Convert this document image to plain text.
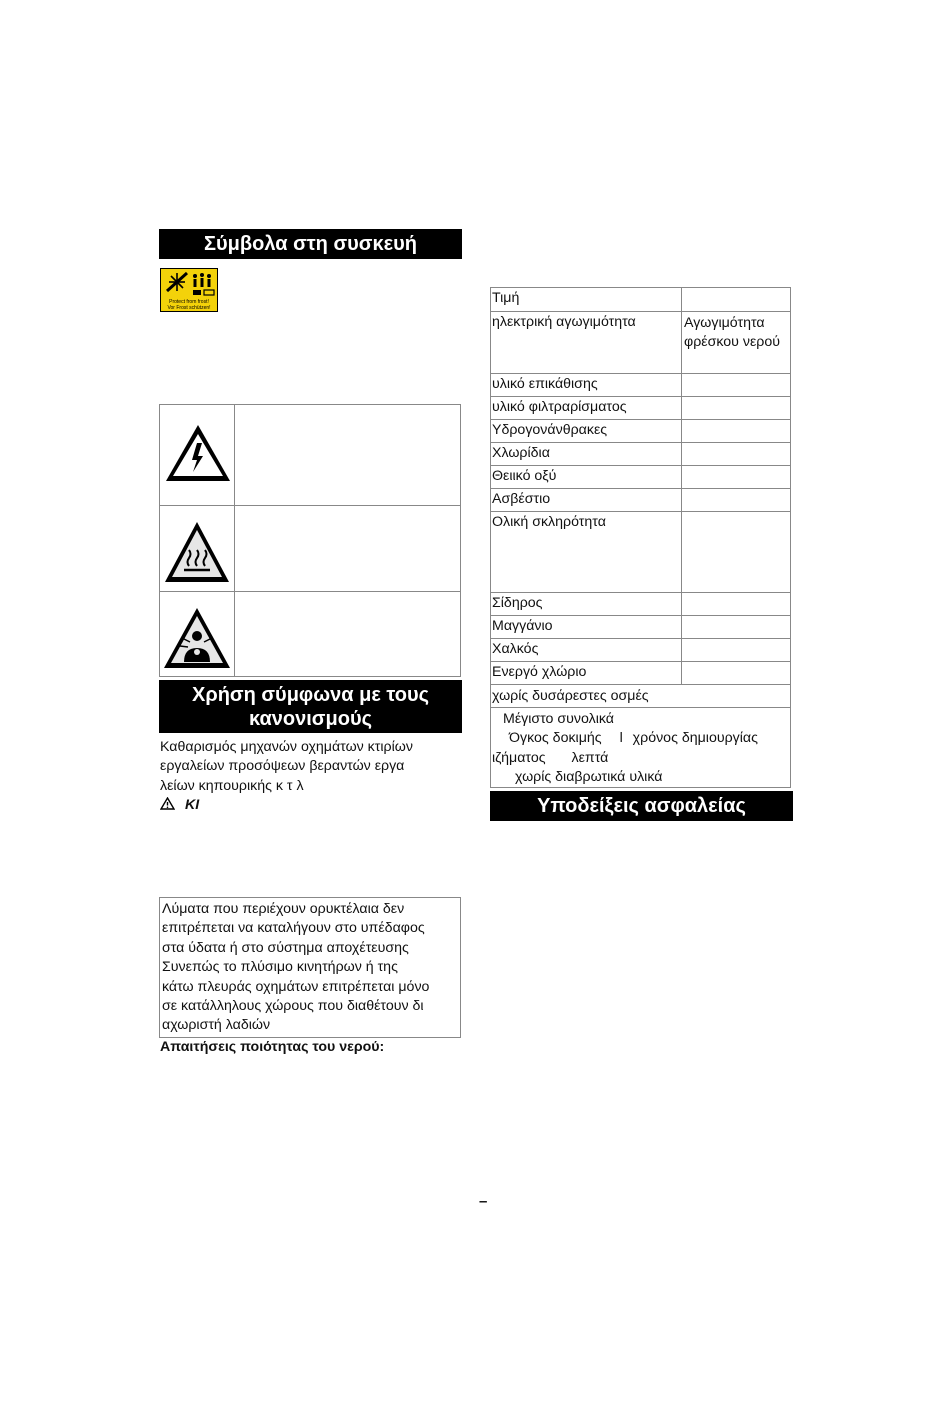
Σύμβολα στη συσκευή
Protect from frost!
Vor Frost schützen!
Χρήση σύμφωνα με τους
κανονισμούς
Καθαρισμός μηχανών οχημάτων κτιρίων
εργαλείων προσόψεων βεραντών εργα
λείων κηπουρικής κ τ λ
ΚΙ
Λύματα που περιέχουν ορυκτέλαια δεν
επιτρέπεται να καταλήγουν στο υπέδαφος
στα ύδατα ή στο σύστημα αποχέτευσης
Συνεπώς το πλύσιμο κινητήρων ή της
κάτω πλευράς οχημάτων επιτρέπεται μόνο
σε κατάλληλους χώρους που διαθέτουν δι
αχωριστή λαδιών
Απαιτήσεις ποιότητας του νερού:
Τιμή
ηλεκτρική αγωγιμότητα	Αγωγιμότητα
φρέσκου νερού
υλικό επικάθισης
υλικό φιλτραρίσματος
Υδρογονάνθρακες
Χλωρίδια
Θειικό οξύ
Ασβέστιο
Ολική σκληρότητα
Σίδηρος
Μαγγάνιο
Χαλκός
Ενεργό χλώριο
χωρίς δυσάρεστες οσμές
Μέγιστο συνολικά
Όγκος δοκιμής l χρόνος δημιουργίας
ιζήματος λεπτά
χωρίς διαβρωτικά υλικά
Υποδείξεις ασφαλείας
–
